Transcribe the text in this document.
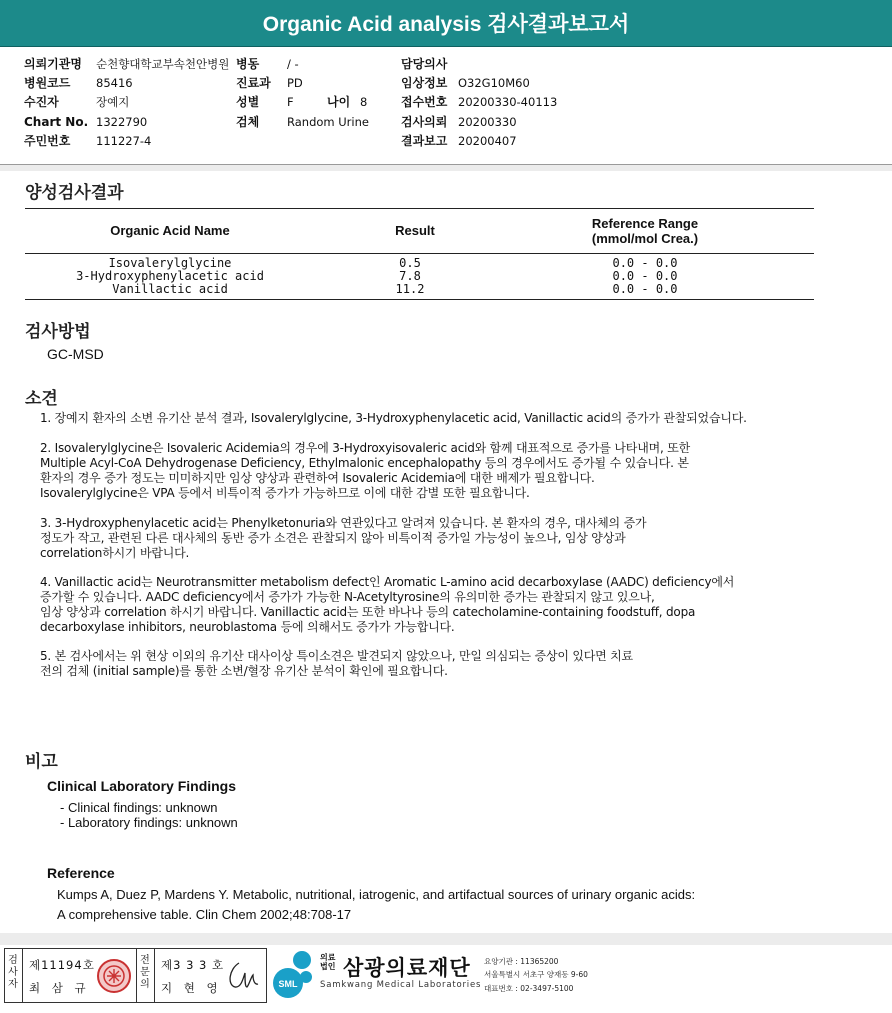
Organic Acid analysis 검사결과보고서
의뢰기관명 순천향대학교부속천안병원 병동 / -	담당의사
병원코드 85416	진료과 PD	임상정보 O32G10M60
수진자	장예지	성별 F	나이 8	접수번호 20200330-40113
Chart No. 1322790	검체 Random Urine	검사의뢰 20200330
주민번호 111227-4	결과보고 20200407
양성검사결과
Organic Acid Name	Result	Reference Range
(mmol/mol Crea.)
Isovalerylglycine	0.5	0.0 - 0.0
3-Hydroxyphenylacetic acid	7.8	0.0 - 0.0
Vanillactic acid	11.2	0.0 - 0.0
검사방법
GC-MSD
소견
1. 장예지 환자의 소변 유기산 분석 결과, Isovalerylglycine, 3-Hydroxyphenylacetic acid, Vanillactic acid의 증가가 관찰되었습니다.
2. Isovalerylglycine은 Isovaleric Acidemia의 경우에 3-Hydroxyisovaleric acid와 함께 대표적으로 증가를 나타내며, 또한
Multiple Acyl-CoA Dehydrogenase Deficiency, Ethylmalonic encephalopathy 등의 경우에서도 증가될 수 있습니다. 본
환자의 경우 증가 정도는 미미하지만 임상 양상과 관련하여 Isovaleric Acidemia에 대한 배제가 필요합니다.
Isovalerylglycine은 VPA 등에서 비특이적 증가가 가능하므로 이에 대한 감별 또한 필요합니다.
3. 3-Hydroxyphenylacetic acid는 Phenylketonuria와 연관있다고 알려져 있습니다. 본 환자의 경우, 대사체의 증가
정도가 작고, 관련된 다른 대사체의 동반 증가 소견은 관찰되지 않아 비특이적 증가일 가능성이 높으나, 임상 양상과
correlation하시기 바랍니다.
4. Vanillactic acid는 Neurotransmitter metabolism defect인 Aromatic L-amino acid decarboxylase (AADC) deficiency에서
증가할 수 있습니다. AADC deficiency에서 증가가 가능한 N-Acetyltyrosine의 유의미한 증가는 관찰되지 않고 있으나,
임상 양상과 correlation 하시기 바랍니다. Vanillactic acid는 또한 바나나 등의 catecholamine-containing foodstuff, dopa
decarboxylase inhibitors, neuroblastoma 등에 의해서도 증가가 가능합니다.
5. 본 검사에서는 위 현상 이외의 유기산 대사이상 특이소견은 발견되지 않았으나, 만일 의심되는 증상이 있다면 치료
전의 검체 (initial sample)를 통한 소변/혈장 유기산 분석이 확인에 필요합니다.
비고
Clinical Laboratory Findings
- Clinical findings: unknown
- Laboratory findings: unknown
Reference
Kumps A, Duez P, Mardens Y. Metabolic, nutritional, iatrogenic, and artifactual sources of urinary organic acids:
A comprehensive table. Clin Chem 2002;48:708-17
검사자
제11194호
최 삼 규
전문의
제3 3 3 호
지 현 영	SML
의료
법인 삼광의료재단
Samkwang Medical Laboratories
요양기관 : 11365200
서울특별시 서초구 양재동 9-60
대표번호 : 02-3497-5100
